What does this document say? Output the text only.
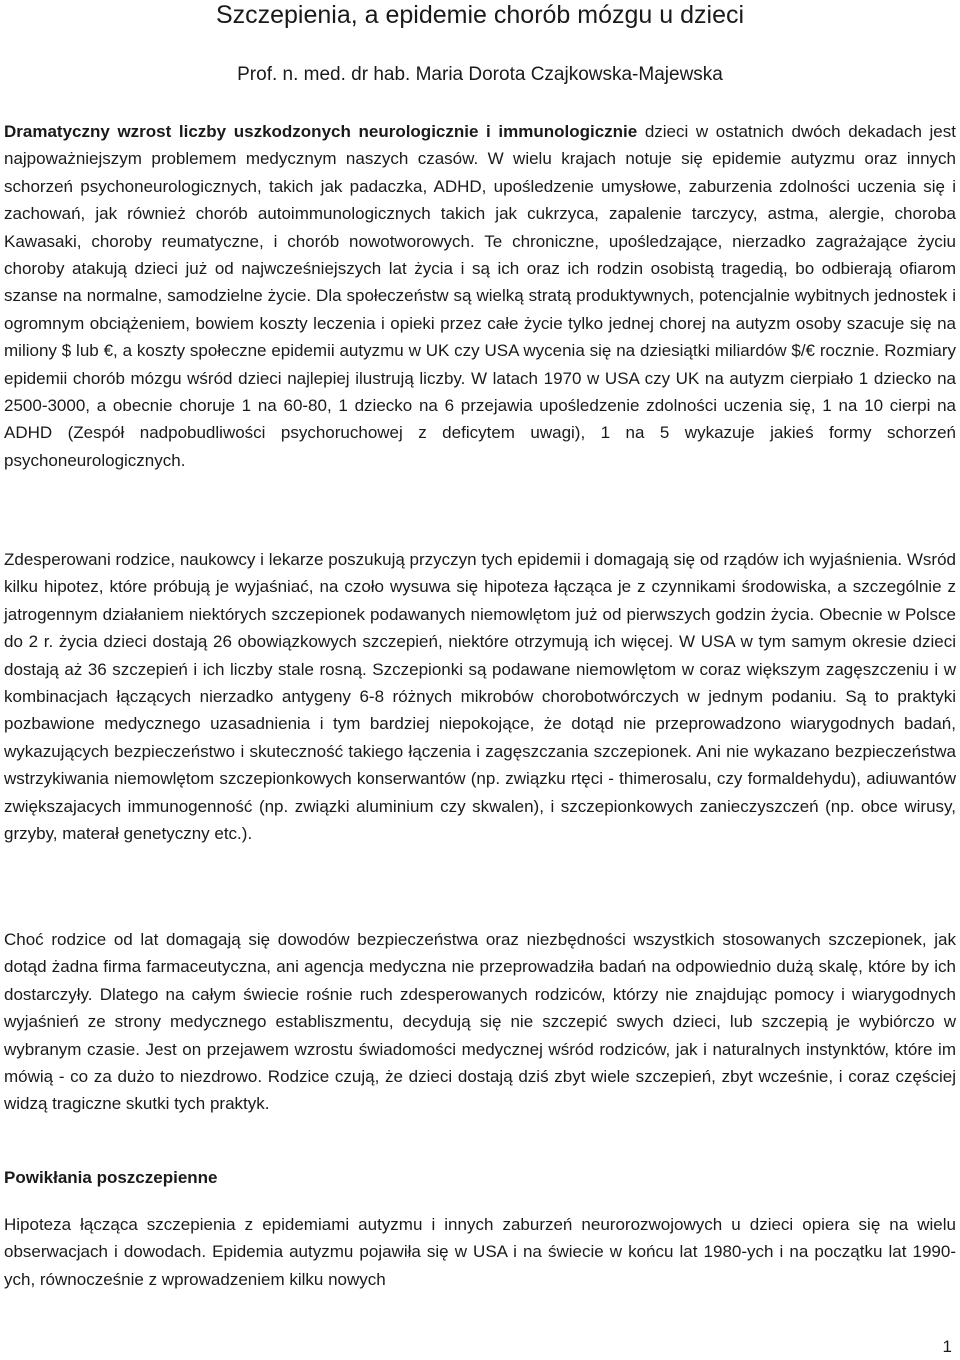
Szczepienia, a epidemie chorób mózgu u dzieci

Prof. n. med. dr hab. Maria Dorota Czajkowska-Majewska

Dramatyczny wzrost liczby uszkodzonych neurologicznie i immunologicznie dzieci w ostatnich dwóch dekadach jest najpoważniejszym problemem medycznym naszych czasów. W wielu krajach notuje się epidemie autyzmu oraz innych schorzeń psychoneurologicznych, takich jak padaczka, ADHD, upośledzenie umysłowe, zaburzenia zdolności uczenia się i zachowań, jak również chorób autoimmunologicznych takich jak cukrzyca, zapalenie tarczycy, astma, alergie, choroba Kawasaki, choroby reumatyczne, i chorób nowotworowych. Te chroniczne, upośledzające, nierzadko zagrażające życiu choroby atakują dzieci już od najwcześniejszych lat życia i są ich oraz ich rodzin osobistą tragedią, bo odbierają ofiarom szanse na normalne, samodzielne życie. Dla społeczeństw są wielką stratą produktywnych, potencjalnie wybitnych jednostek i ogromnym obciążeniem, bowiem koszty leczenia i opieki przez całe życie tylko jednej chorej na autyzm osoby szacuje się na miliony $ lub €, a koszty społeczne epidemii autyzmu w UK czy USA wycenia się na dziesiątki miliardów $/€ rocznie. Rozmiary epidemii chorób mózgu wśród dzieci najlepiej ilustrują liczby. W latach 1970 w USA czy UK na autyzm cierpiało 1 dziecko na 2500-3000, a obecnie choruje 1 na 60-80, 1 dziecko na 6 przejawia upośledzenie zdolności uczenia się, 1 na 10 cierpi na ADHD (Zespół nadpobudliwości psychoruchowej z deficytem uwagi), 1 na 5 wykazuje jakieś formy schorzeń psychoneurologicznych.

Zdesperowani rodzice, naukowcy i lekarze poszukują przyczyn tych epidemii i domagają się od rządów ich wyjaśnienia. Wsród kilku hipotez, które próbują je wyjaśniać, na czoło wysuwa się hipoteza łącząca je z czynnikami środowiska, a szczególnie z jatrogennym działaniem niektórych szczepionek podawanych niemowlętom już od pierwszych godzin życia. Obecnie w Polsce do 2 r. życia dzieci dostają 26 obowiązkowych szczepień, niektóre otrzymują ich więcej. W USA w tym samym okresie dzieci dostają aż 36 szczepień i ich liczby stale rosną. Szczepionki są podawane niemowlętom w coraz większym zagęszczeniu i w kombinacjach łączących nierzadko antygeny 6-8 różnych mikrobów chorobotwórczych w jednym podaniu. Są to praktyki pozbawione medycznego uzasadnienia i tym bardziej niepokojące, że dotąd nie przeprowadzono wiarygodnych badań, wykazujących bezpieczeństwo i skuteczność takiego łączenia i zagęszczania szczepionek. Ani nie wykazano bezpieczeństwa wstrzykiwania niemowlętom szczepionkowych konserwantów (np. związku rtęci - thimerosalu, czy formaldehydu), adiuwantów zwiększajacych immunogenność (np. związki aluminium czy skwalen), i szczepionkowych zanieczyszczeń (np. obce wirusy, grzyby, materał genetyczny etc.).

Choć rodzice od lat domagają się dowodów bezpieczeństwa oraz niezbędności wszystkich stosowanych szczepionek, jak dotąd żadna firma farmaceutyczna, ani agencja medyczna nie przeprowadziła badań na odpowiednio dużą skalę, które by ich dostarczyły. Dlatego na całym świecie rośnie ruch zdesperowanych rodziców, którzy nie znajdując pomocy i wiarygodnych wyjaśnień ze strony medycznego establiszmentu, decydują się nie szczepić swych dzieci, lub szczepią je wybiórczo w wybranym czasie. Jest on przejawem wzrostu świadomości medycznej wśród rodziców, jak i naturalnych instynktów, które im mówią - co za dużo to niezdrowo. Rodzice czują, że dzieci dostają dziś zbyt wiele szczepień, zbyt wcześnie, i coraz częściej widzą tragiczne skutki tych praktyk.

Powikłania poszczepienne

Hipoteza łącząca szczepienia z epidemiami autyzmu i innych zaburzeń neurorozwojowych u dzieci opiera się na wielu obserwacjach i dowodach. Epidemia autyzmu pojawiła się w USA i na świecie w końcu lat 1980-ych i na początku lat 1990-ych, równocześnie z wprowadzeniem kilku nowych

1
